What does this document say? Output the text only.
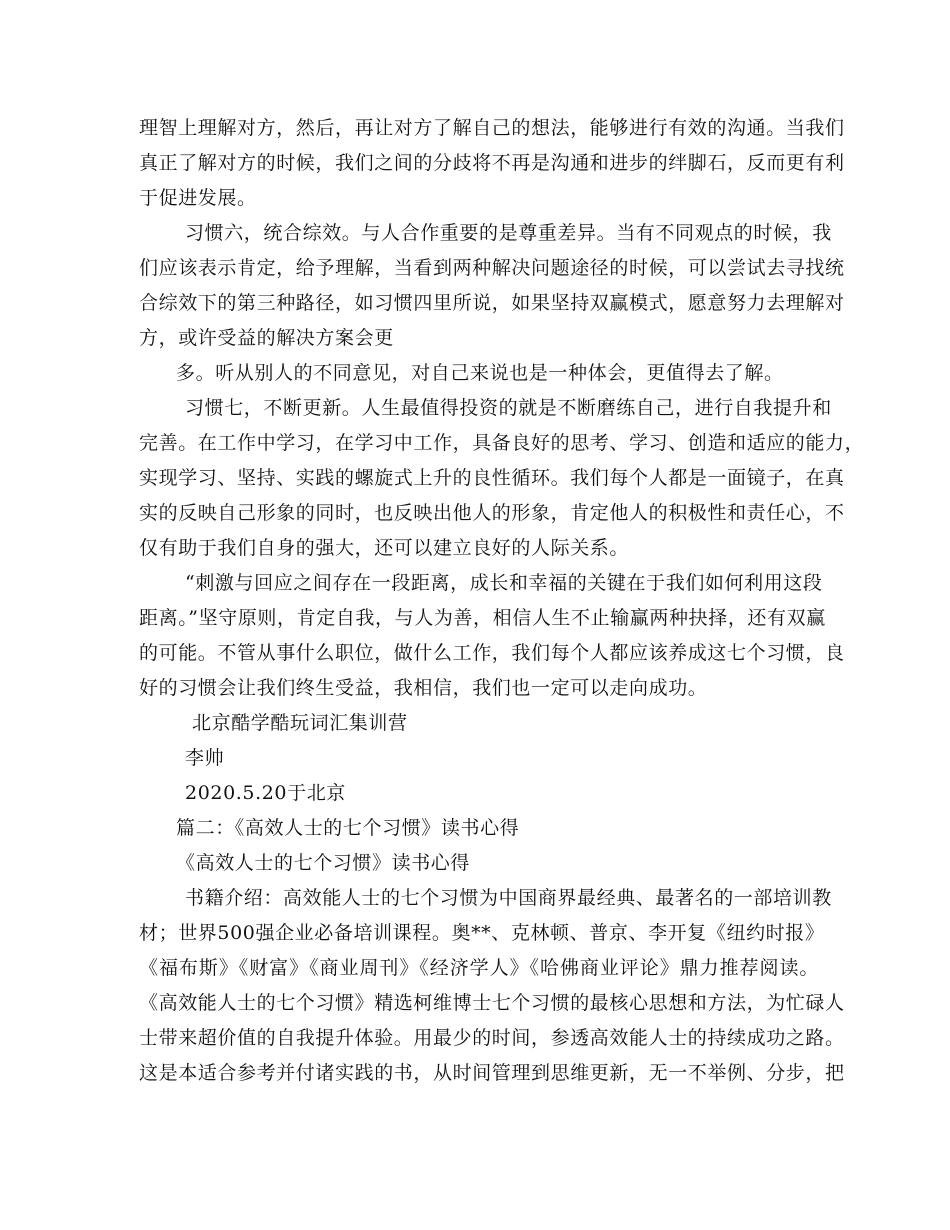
理智上理解对方，然后，再让对方了解自己的想法，能够进行有效的沟通。当我们
真正了解对方的时候，我们之间的分歧将不再是沟通和进步的绊脚石，反而更有利
于促进发展。
习惯六，统合综效。与人合作重要的是尊重差异。当有不同观点的时候，我
们应该表示肯定，给予理解，当看到两种解决问题途径的时候，可以尝试去寻找统
合综效下的第三种路径，如习惯四里所说，如果坚持双赢模式，愿意努力去理解对
方，或许受益的解决方案会更
多。听从别人的不同意见，对自己来说也是一种体会，更值得去了解。
习惯七，不断更新。人生最值得投资的就是不断磨练自己，进行自我提升和
完善。在工作中学习，在学习中工作，具备良好的思考、学习、创造和适应的能力，
实现学习、坚持、实践的螺旋式上升的良性循环。我们每个人都是一面镜子，在真
实的反映自己形象的同时，也反映出他人的形象，肯定他人的积极性和责任心，不
仅有助于我们自身的强大，还可以建立良好的人际关系。
“刺激与回应之间存在一段距离，成长和幸福的关键在于我们如何利用这段
距离。”坚守原则，肯定自我，与人为善，相信人生不止输赢两种抉择，还有双赢
的可能。不管从事什么职位，做什么工作，我们每个人都应该养成这七个习惯，良
好的习惯会让我们终生受益，我相信，我们也一定可以走向成功。
北京酷学酷玩词汇集训营
李帅
2020.5.20于北京
篇二：《高效人士的七个习惯》读书心得
《高效人士的七个习惯》读书心得
书籍介绍：高效能人士的七个习惯为中国商界最经典、最著名的一部培训教
材；世界500强企业必备培训课程。奥**、克林顿、普京、李开复《纽约时报》
《福布斯》《财富》《商业周刊》《经济学人》《哈佛商业评论》鼎力推荐阅读。
《高效能人士的七个习惯》精选柯维博士七个习惯的最核心思想和方法，为忙碌人
士带来超价值的自我提升体验。用最少的时间，参透高效能人士的持续成功之路。
这是本适合参考并付诸实践的书，从时间管理到思维更新，无一不举例、分步，把
